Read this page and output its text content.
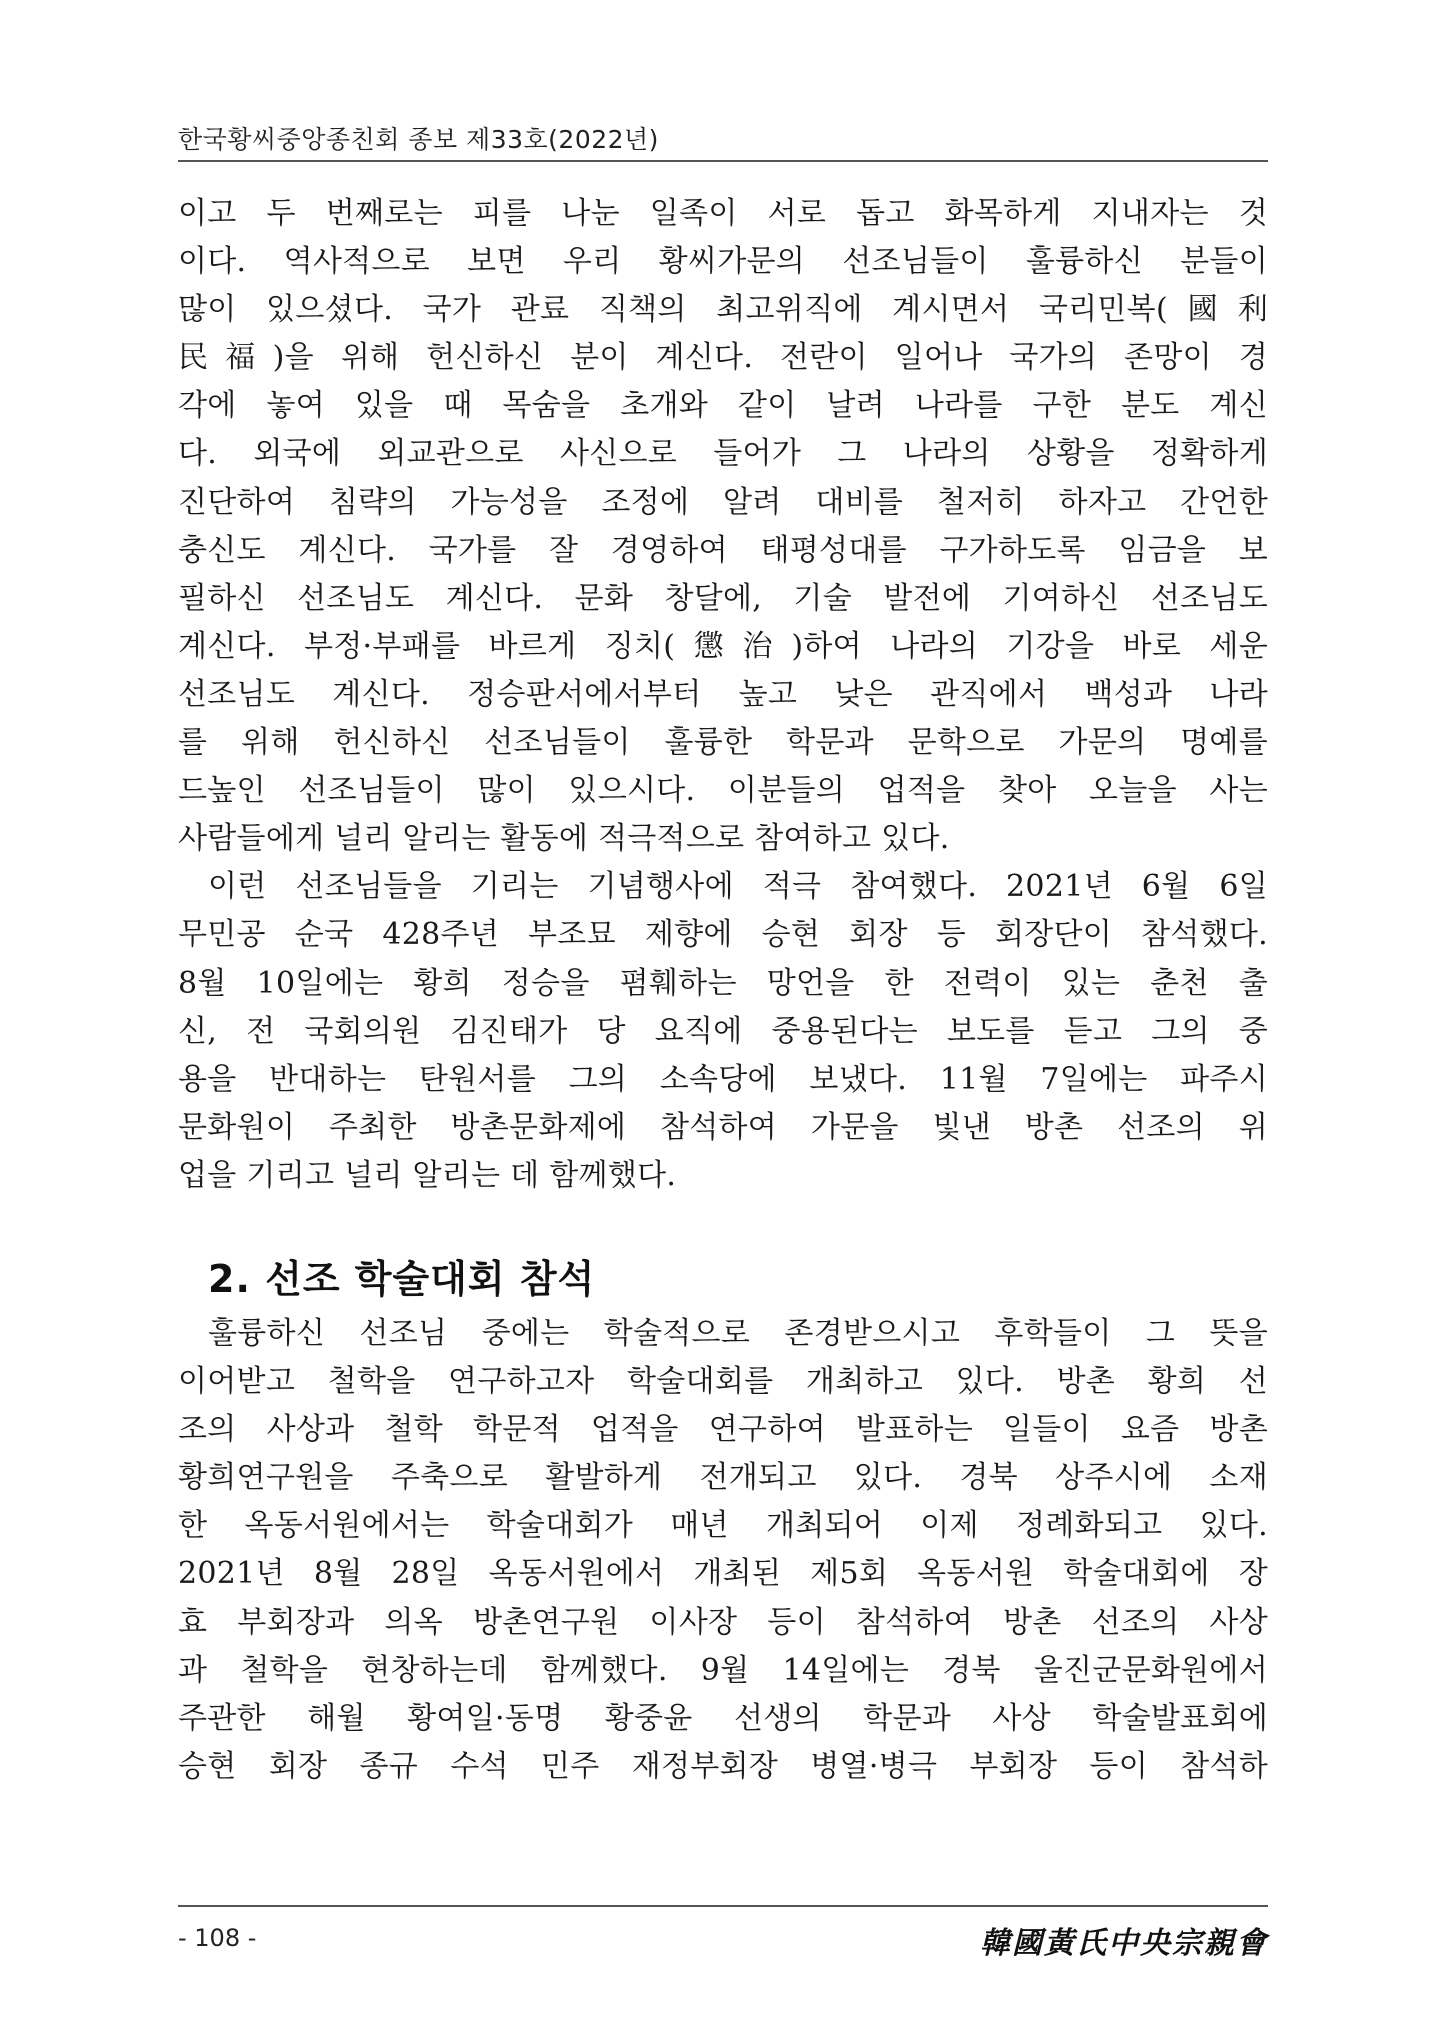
한국황씨중앙종친회 종보 제33호(2022년)
이고 두 번째로는 피를 나눈 일족이 서로 돕고 화목하게 지내자는 것
이다. 역사적으로 보면 우리 황씨가문의 선조님들이 훌륭하신 분들이
많이 있으셨다. 국가 관료 직책의 최고위직에 계시면서 국리민복(國利
民福)을 위해 헌신하신 분이 계신다. 전란이 일어나 국가의 존망이 경
각에 놓여 있을 때 목숨을 초개와 같이 날려 나라를 구한 분도 계신
다. 외국에 외교관으로 사신으로 들어가 그 나라의 상황을 정확하게
진단하여 침략의 가능성을 조정에 알려 대비를 철저히 하자고 간언한
충신도 계신다. 국가를 잘 경영하여 태평성대를 구가하도록 임금을 보
필하신 선조님도 계신다. 문화 창달에, 기술 발전에 기여하신 선조님도
계신다. 부정·부패를 바르게 징치(懲治)하여 나라의 기강을 바로 세운
선조님도 계신다. 정승판서에서부터 높고 낮은 관직에서 백성과 나라
를 위해 헌신하신 선조님들이 훌륭한 학문과 문학으로 가문의 명예를
드높인 선조님들이 많이 있으시다. 이분들의 업적을 찾아 오늘을 사는
사람들에게 널리 알리는 활동에 적극적으로 참여하고 있다.
이런 선조님들을 기리는 기념행사에 적극 참여했다. 2021년 6월 6일
무민공 순국 428주년 부조묘 제향에 승현 회장 등 회장단이 참석했다.
8월 10일에는 황희 정승을 폄훼하는 망언을 한 전력이 있는 춘천 출
신, 전 국회의원 김진태가 당 요직에 중용된다는 보도를 듣고 그의 중
용을 반대하는 탄원서를 그의 소속당에 보냈다. 11월 7일에는 파주시
문화원이 주최한 방촌문화제에 참석하여 가문을 빛낸 방촌 선조의 위
업을 기리고 널리 알리는 데 함께했다.
2. 선조 학술대회 참석
훌륭하신 선조님 중에는 학술적으로 존경받으시고 후학들이 그 뜻을
이어받고 철학을 연구하고자 학술대회를 개최하고 있다. 방촌 황희 선
조의 사상과 철학 학문적 업적을 연구하여 발표하는 일들이 요즘 방촌
황희연구원을 주축으로 활발하게 전개되고 있다. 경북 상주시에 소재
한 옥동서원에서는 학술대회가 매년 개최되어 이제 정례화되고 있다.
2021년 8월 28일 옥동서원에서 개최된 제5회 옥동서원 학술대회에 장
효 부회장과 의옥 방촌연구원 이사장 등이 참석하여 방촌 선조의 사상
과 철학을 현창하는데 함께했다. 9월 14일에는 경북 울진군문화원에서
주관한 해월 황여일·동명 황중윤 선생의 학문과 사상 학술발표회에
승현 회장 종규 수석 민주 재정부회장 병열·병극 부회장 등이 참석하
- 108 -	韓國黃氏中央宗親會
